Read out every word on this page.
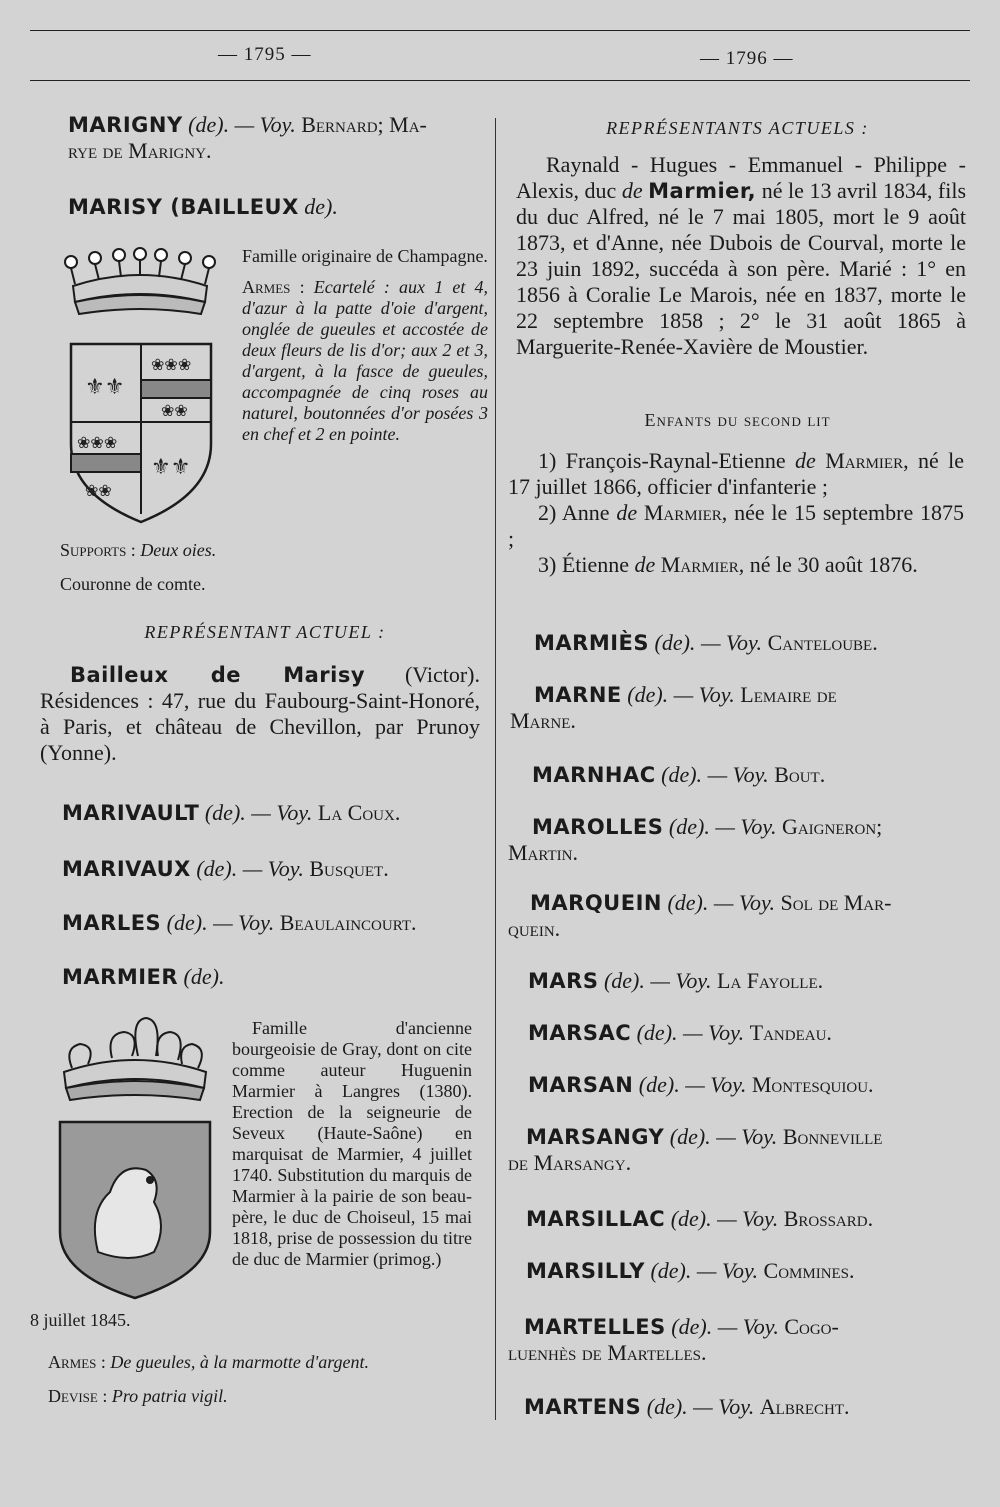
— 1795 —	— 1796 —

MARIGNY (de). — Voy. Bernard; Ma-
rye de Marigny.

MARISY (BAILLEUX de).

⚜⚜
❀❀❀
❀❀
❀❀❀
❀❀
⚜⚜
Famille originaire de Champagne.
Armes : Ecartelé : aux 1 et 4, d'azur à la patte d'oie d'argent, onglée de gueules et accostée de deux fleurs de lis d'or; aux 2 et 3, d'argent, à la fasce de gueules, accompagnée de cinq roses au naturel, boutonnées d'or posées 3 en chef et 2 en pointe.

Supports : Deux oies.

Couronne de comte.

REPRÉSENTANT ACTUEL :

Bailleux de Marisy (Victor). Résidences : 47, rue du Faubourg-Saint-Honoré, à Paris, et château de Chevillon, par Prunoy (Yonne).

MARIVAULT (de). — Voy. La Coux.

MARIVAUX (de). — Voy. Busquet.

MARLES (de). — Voy. Beaulaincourt.

MARMIER (de).

Famille d'ancienne bourgeoisie de Gray, dont on cite comme auteur Huguenin Marmier à Langres (1380). Erection de la seigneurie de Seveux (Haute-Saône) en marquisat de Marmier, 4 juillet 1740. Substitution du marquis de Marmier à la pairie de son beau-père, le duc de Choiseul, 15 mai 1818, prise de possession du titre de duc de Marmier (primog.)

8 juillet 1845.

Armes : De gueules, à la marmotte d'argent.

Devise : Pro patria vigil.

REPRÉSENTANTS ACTUELS :

Raynald - Hugues - Emmanuel - Philippe - Alexis, duc de Marmier, né le 13 avril 1834, fils du duc Alfred, né le 7 mai 1805, mort le 9 août 1873, et d'Anne, née Dubois de Courval, morte le 23 juin 1892, succéda à son père. Marié : 1° en 1856 à Coralie Le Marois, née en 1837, morte le 22 septembre 1858 ; 2° le 31 août 1865 à Marguerite-Renée-Xavière de Moustier.

Enfants du second lit

1) François-Raynal-Etienne de Marmier, né le 17 juillet 1866, officier d'infanterie ;

2) Anne de Marmier, née le 15 septembre 1875 ;

3) Étienne de Marmier, né le 30 août 1876.

MARMIÈS (de). — Voy. Canteloube.

MARNE (de). — Voy. Lemaire de
Marne.

MARNHAC (de). — Voy. Bout.

MAROLLES (de). — Voy. Gaigneron;
Martin.

MARQUEIN (de). — Voy. Sol de Mar-
quein.

MARS (de). — Voy. La Fayolle.

MARSAC (de). — Voy. Tandeau.

MARSAN (de). — Voy. Montesquiou.

MARSANGY (de). — Voy. Bonneville
de Marsangy.

MARSILLAC (de). — Voy. Brossard.

MARSILLY (de). — Voy. Commines.

MARTELLES (de). — Voy. Cogo-
luenhès de Martelles.

MARTENS (de). — Voy. Albrecht.
